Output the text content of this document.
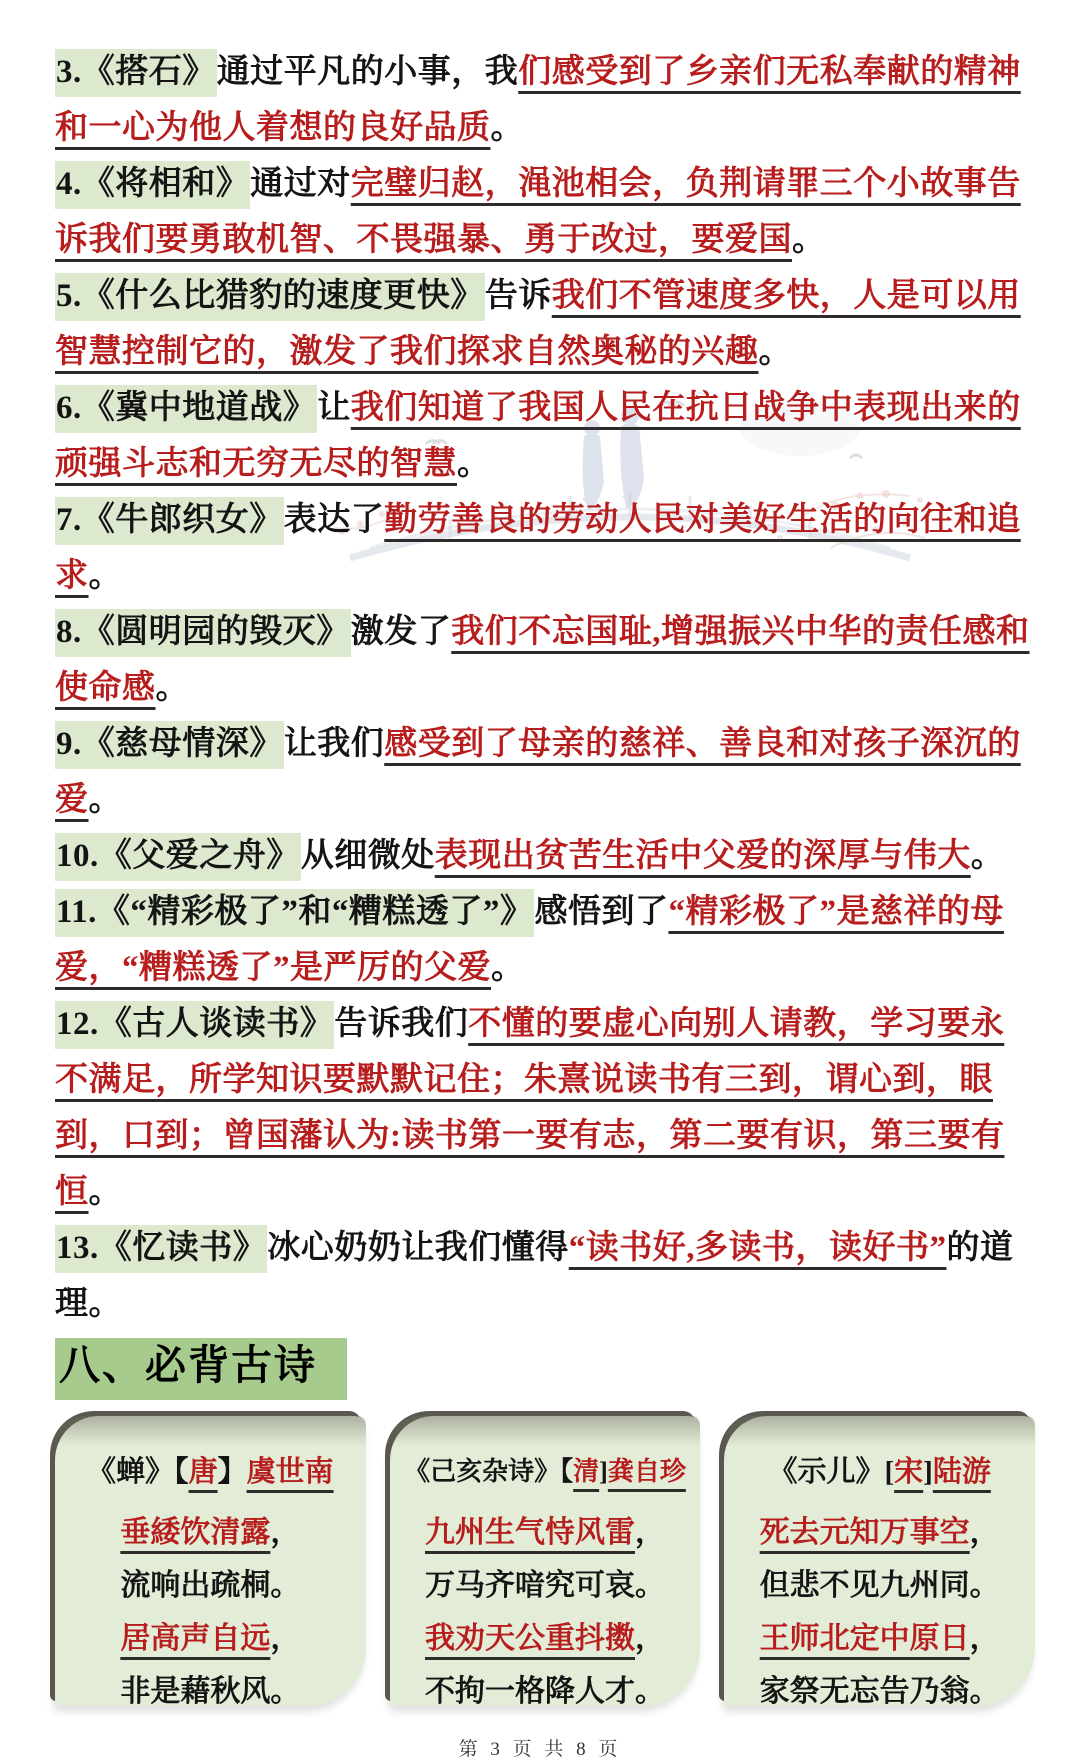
3.《搭石》通过平凡的小事，我们感受到了乡亲们无私奉献的精神和一心为他人着想的良好品质。

4.《将相和》通过对完璧归赵，渑池相会，负荆请罪三个小故事告诉我们要勇敢机智、不畏强暴、勇于改过，要爱国。

5.《什么比猎豹的速度更快》告诉我们不管速度多快，人是可以用智慧控制它的，激发了我们探求自然奥秘的兴趣。

6.《冀中地道战》让我们知道了我国人民在抗日战争中表现出来的顽强斗志和无穷无尽的智慧。

7.《牛郎织女》表达了勤劳善良的劳动人民对美好生活的向往和追求。

8.《圆明园的毁灭》激发了我们不忘国耻,增强振兴中华的责任感和使命感。

9.《慈母情深》让我们感受到了母亲的慈祥、善良和对孩子深沉的爱。

10.《父爱之舟》从细微处表现出贫苦生活中父爱的深厚与伟大。

11.《“精彩极了”和“糟糕透了”》感悟到了“精彩极了”是慈祥的母爱，“糟糕透了”是严厉的父爱。

12.《古人谈读书》告诉我们不懂的要虚心向别人请教，学习要永不满足，所学知识要默默记住；朱熹说读书有三到，谓心到，眼到，口到；曾国藩认为:读书第一要有志，第二要有识，第三要有恒。

13.《忆读书》冰心奶奶让我们懂得“读书好,多读书，读好书”的道理。

八、必背古诗
《蝉》【唐】虞世南
垂緌饮清露，
流响出疏桐。
居高声自远，
非是藉秋风。
《己亥杂诗》【清]龚自珍
九州生气恃风雷，
万马齐喑究可哀。
我劝天公重抖擞，
不拘一格降人才。
《示儿》[宋]陆游
死去元知万事空，
但悲不见九州同。
王师北定中原日，
家祭无忘告乃翁。
第 3 页 共 8 页
